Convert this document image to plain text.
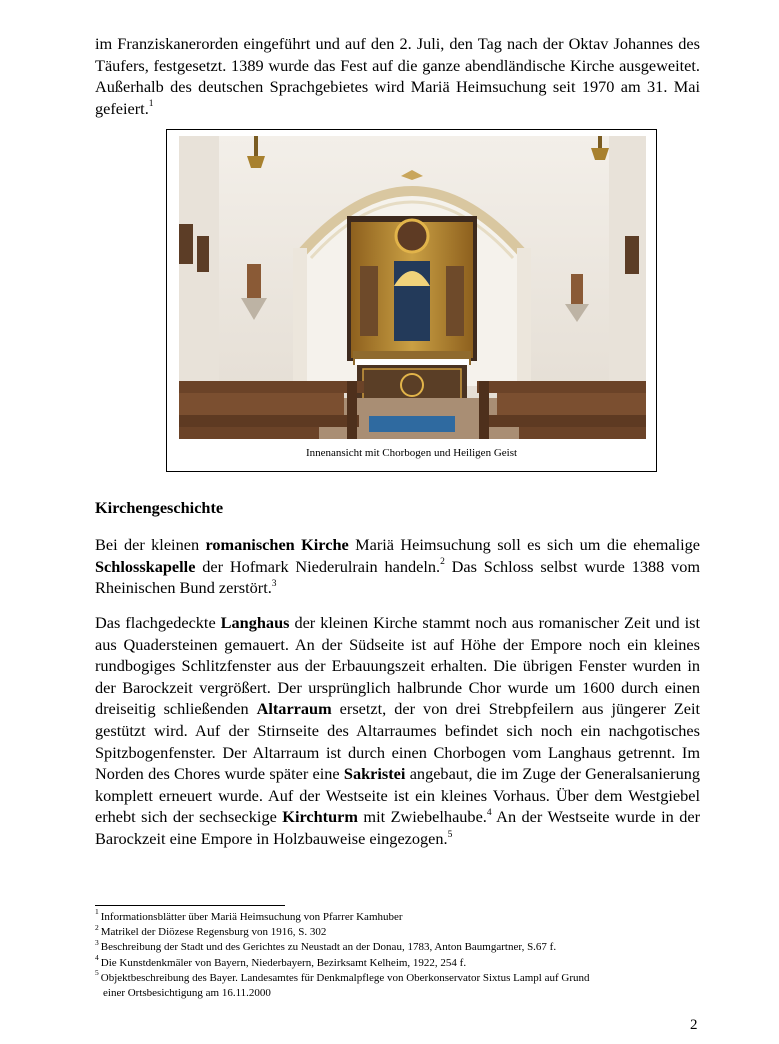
im Franziskanerorden eingeführt und auf den 2. Juli, den Tag nach der Oktav Johannes des Täufers, festgesetzt. 1389 wurde das Fest auf die ganze abendländische Kirche ausgeweitet. Außerhalb des deutschen Sprachgebietes wird Mariä Heimsuchung seit 1970 am 31. Mai gefeiert.$^1$

Innenansicht mit Chorbogen und Heiligen Geist
Kirchengeschichte

Bei der kleinen romanischen Kirche Mariä Heimsuchung soll es sich um die ehemalige Schlosskapelle der Hofmark Niederulrain handeln.$^2$ Das Schloss selbst wurde 1388 vom Rheinischen Bund zerstört.$^3$

Das flachgedeckte Langhaus der kleinen Kirche stammt noch aus romanischer Zeit und ist aus Quadersteinen gemauert. An der Südseite ist auf Höhe der Empore noch ein kleines rundbogiges Schlitzfenster aus der Erbauungszeit erhalten. Die übrigen Fenster wurden in der Barockzeit vergrößert. Der ursprünglich halbrunde Chor wurde um 1600 durch einen dreiseitig schließenden Altarraum ersetzt, der von drei Strebpfeilern aus jüngerer Zeit gestützt wird. Auf der Stirnseite des Altarraumes befindet sich noch ein nachgotisches Spitzbogenfenster. Der Altarraum ist durch einen Chorbogen vom Langhaus getrennt. Im Norden des Chores wurde später eine Sakristei angebaut, die im Zuge der Generalsanierung komplett erneuert wurde. Auf der Westseite ist ein kleines Vorhaus. Über dem Westgiebel erhebt sich der sechseckige Kirchturm mit Zwiebelhaube.$^4$ An der Westseite wurde in der Barockzeit eine Empore in Holzbauweise eingezogen.$^5$

$^1$ Informationsblätter über Mariä Heimsuchung von Pfarrer Kamhuber
$^2$ Matrikel der Diözese Regensburg von 1916, S. 302
$^3$ Beschreibung der Stadt und des Gerichtes zu Neustadt an der Donau, 1783, Anton Baumgartner, S.67 f.
$^4$ Die Kunstdenkmäler von Bayern, Niederbayern, Bezirksamt Kelheim, 1922, 254 f.
$^5$ Objektbeschreibung des Bayer. Landesamtes für Denkmalpflege von Oberkonservator Sixtus Lampl auf Grund
einer Ortsbesichtigung am 16.11.2000
2
